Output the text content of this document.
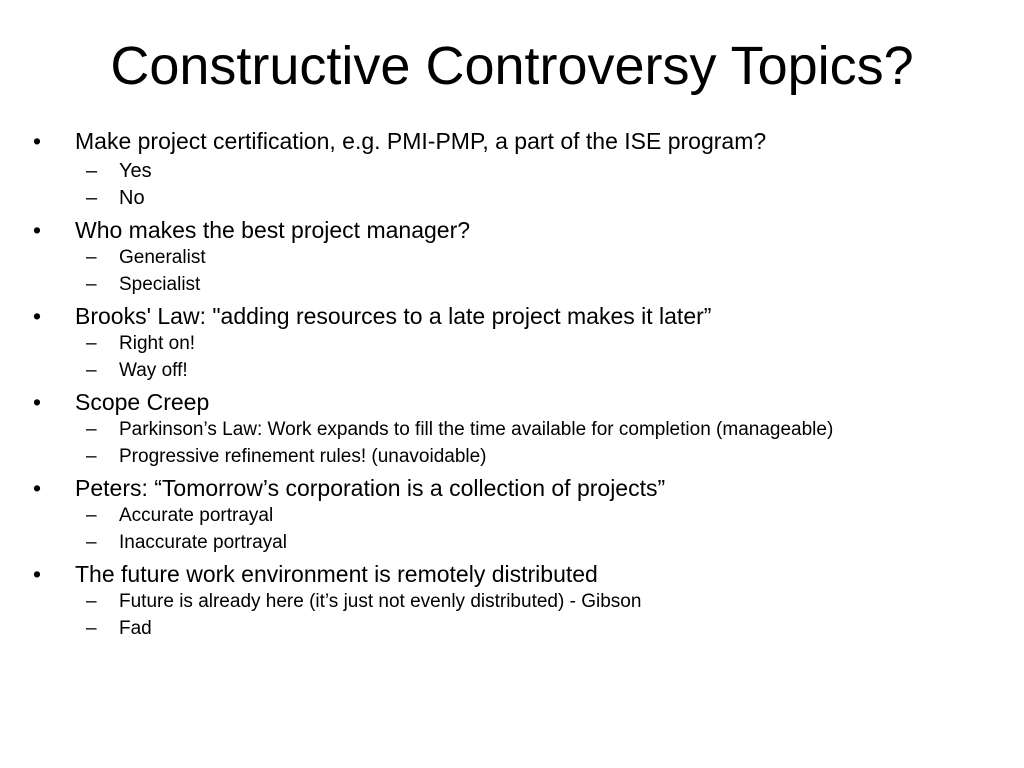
Constructive Controversy Topics?
• Make project certification, e.g. PMI-PMP, a part of the ISE program?
– Yes
– No
• Who makes the best project manager?
– Generalist
– Specialist
• Brooks' Law: "adding resources to a late project makes it later”
– Right on!
– Way off!
• Scope Creep
– Parkinson’s Law: Work expands to fill the time available for completion (manageable)
– Progressive refinement rules! (unavoidable)
• Peters: “Tomorrow’s corporation is a collection of projects”
– Accurate portrayal
– Inaccurate portrayal
• The future work environment is remotely distributed
– Future is already here (it’s just not evenly distributed) - Gibson
– Fad
